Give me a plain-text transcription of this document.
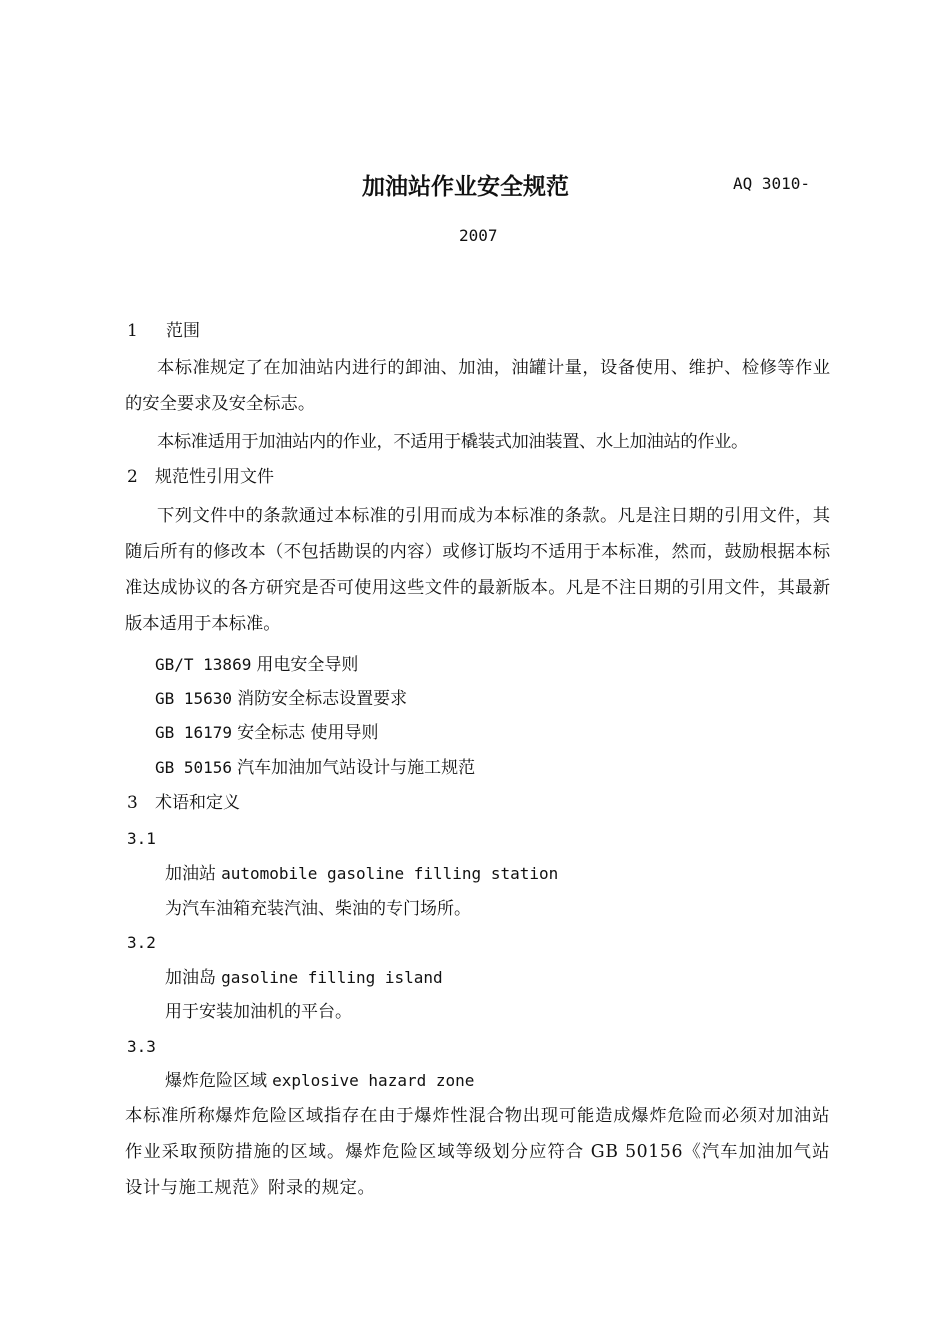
加油站作业安全规范	AQ 3010-
2007
1 范围
本标准规定了在加油站内进行的卸油、加油，油罐计量，设备使用、维护、检修等作业的安全要求及安全标志。
本标准适用于加油站内的作业，不适用于橇装式加油装置、水上加油站的作业。
2 规范性引用文件
下列文件中的条款通过本标准的引用而成为本标准的条款。凡是注日期的引用文件，其随后所有的修改本（不包括勘误的内容）或修订版均不适用于本标准，然而，鼓励根据本标准达成协议的各方研究是否可使用这些文件的最新版本。凡是不注日期的引用文件，其最新版本适用于本标准。
GB/T 13869 用电安全导则
GB 15630 消防安全标志设置要求
GB 16179 安全标志 使用导则
GB 50156 汽车加油加气站设计与施工规范
3 术语和定义
3.1
加油站 automobile gasoline filling station
为汽车油箱充装汽油、柴油的专门场所。
3.2
加油岛 gasoline filling island
用于安装加油机的平台。
3.3
爆炸危险区域 explosive hazard zone
本标准所称爆炸危险区域指存在由于爆炸性混合物出现可能造成爆炸危险而必须对加油站作业采取预防措施的区域。爆炸危险区域等级划分应符合 GB 50156《汽车加油加气站设计与施工规范》附录的规定。
